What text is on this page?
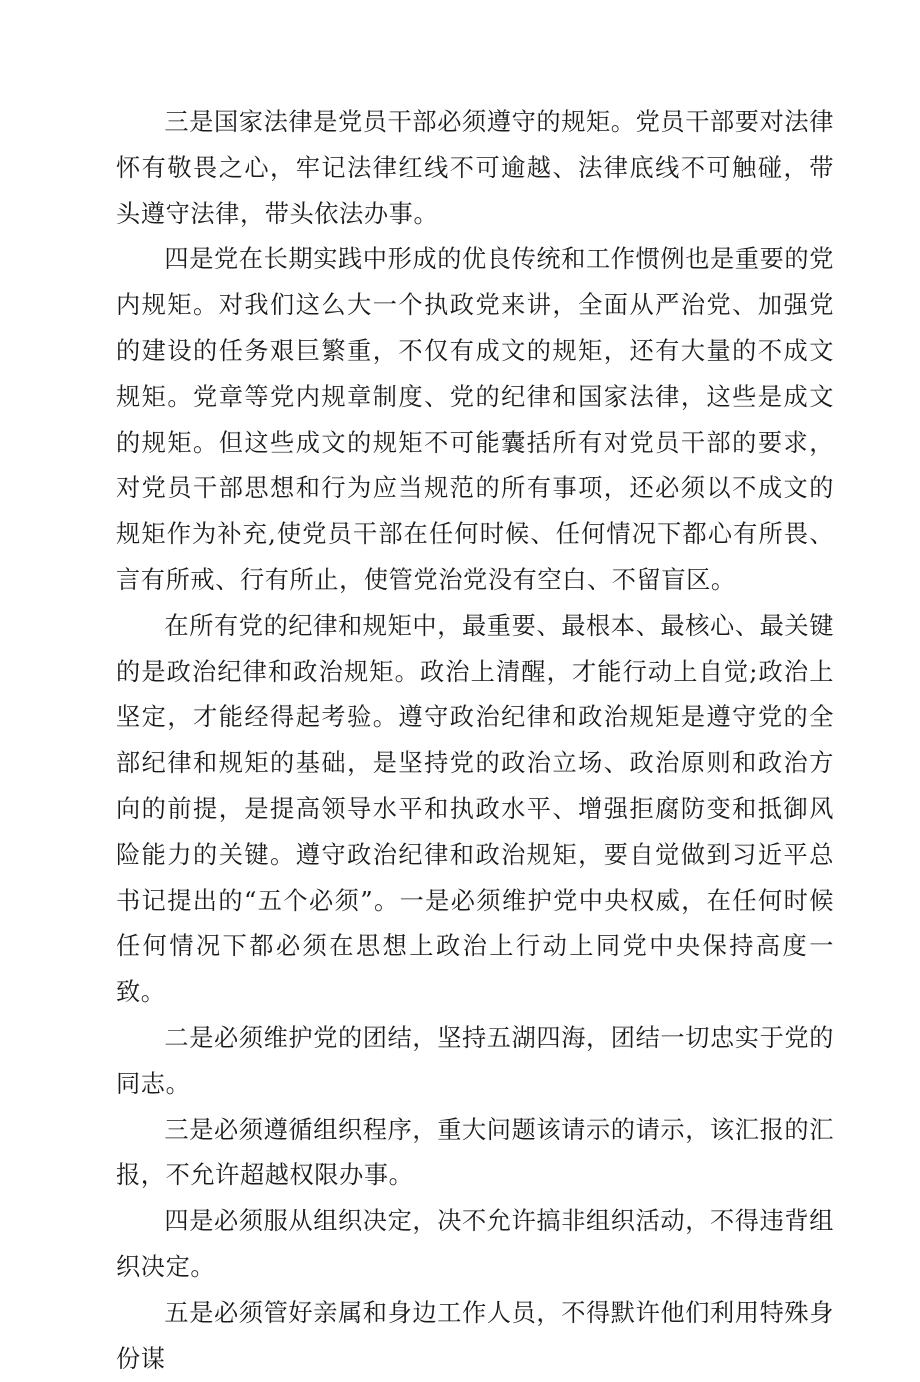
三是国家法律是党员干部必须遵守的规矩。党员干部要对法律怀有敬畏之心，牢记法律红线不可逾越、法律底线不可触碰，带头遵守法律，带头依法办事。

四是党在长期实践中形成的优良传统和工作惯例也是重要的党内规矩。对我们这么大一个执政党来讲，全面从严治党、加强党的建设的任务艰巨繁重，不仅有成文的规矩，还有大量的不成文规矩。党章等党内规章制度、党的纪律和国家法律，这些是成文的规矩。但这些成文的规矩不可能囊括所有对党员干部的要求，对党员干部思想和行为应当规范的所有事项，还必须以不成文的规矩作为补充,使党员干部在任何时候、任何情况下都心有所畏、言有所戒、行有所止，使管党治党没有空白、不留盲区。

在所有党的纪律和规矩中，最重要、最根本、最核心、最关键的是政治纪律和政治规矩。政治上清醒，才能行动上自觉;政治上坚定，才能经得起考验。遵守政治纪律和政治规矩是遵守党的全部纪律和规矩的基础，是坚持党的政治立场、政治原则和政治方向的前提，是提高领导水平和执政水平、增强拒腐防变和抵御风险能力的关键。遵守政治纪律和政治规矩，要自觉做到习近平总书记提出的“五个必须”。一是必须维护党中央权威，在任何时候任何情况下都必须在思想上政治上行动上同党中央保持高度一致。

二是必须维护党的团结，坚持五湖四海，团结一切忠实于党的同志。

三是必须遵循组织程序，重大问题该请示的请示，该汇报的汇报，不允许超越权限办事。

四是必须服从组织决定，决不允许搞非组织活动，不得违背组织决定。

五是必须管好亲属和身边工作人员，不得默许他们利用特殊身份谋
